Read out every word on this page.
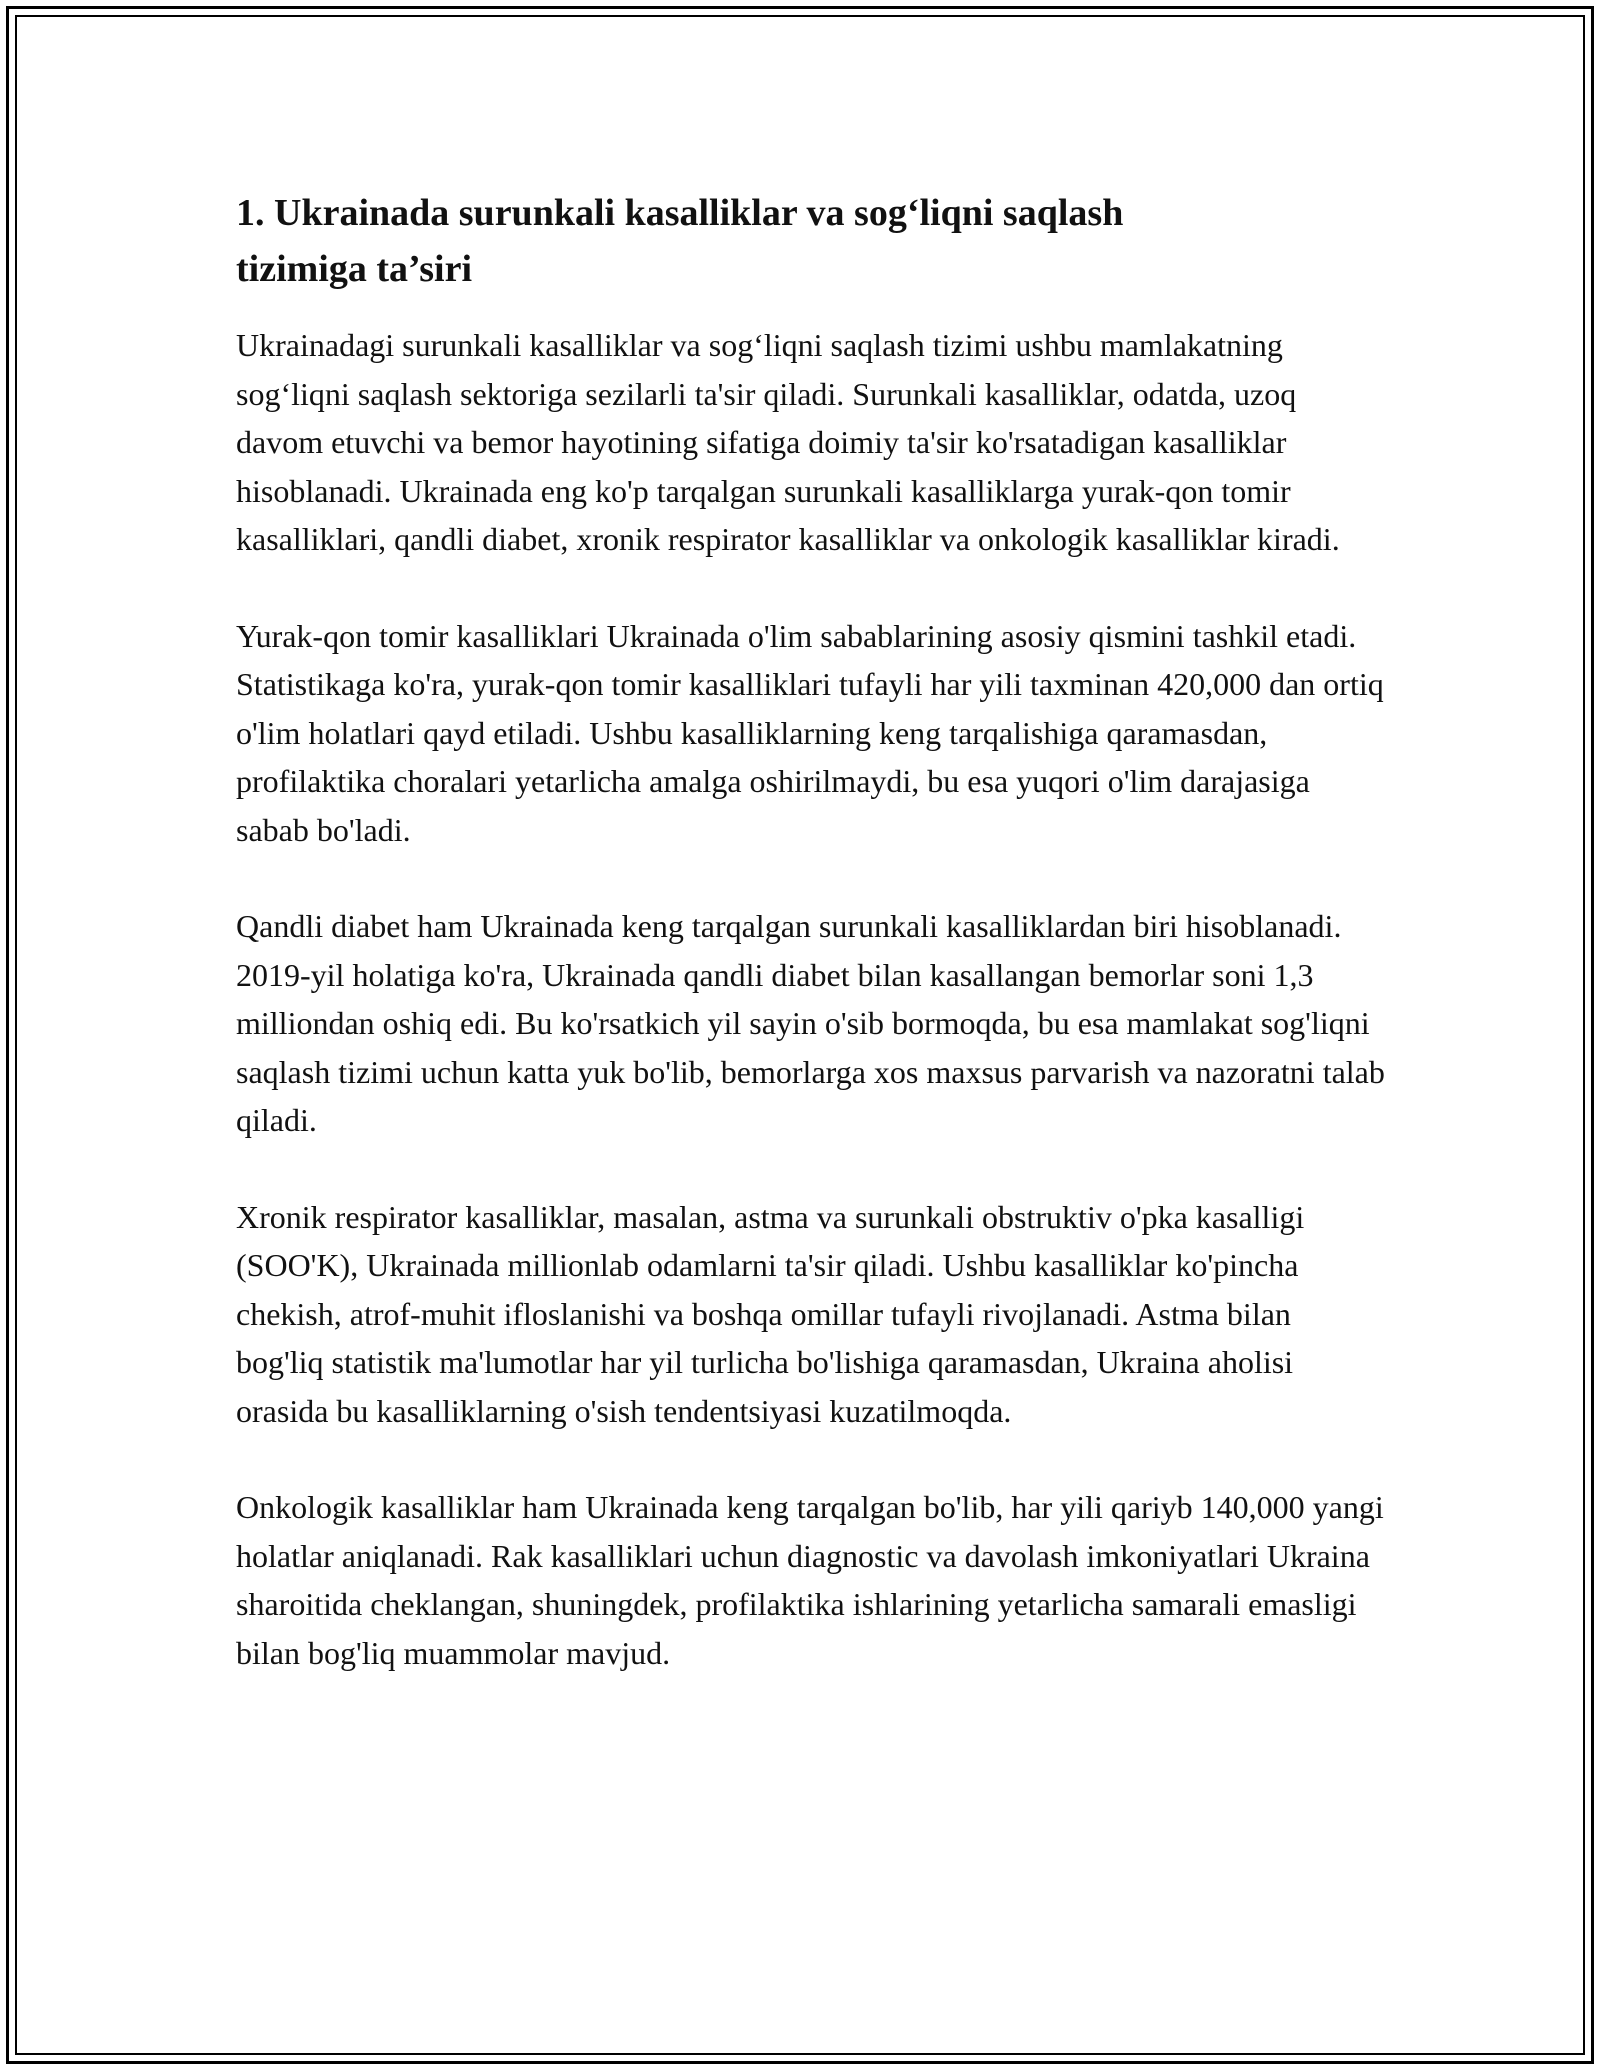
1. Ukrainada surunkali kasalliklar va sog‘liqni saqlash tizimiga ta’siri

Ukrainadagi surunkali kasalliklar va sog‘liqni saqlash tizimi ushbu mamlakatning sog‘liqni saqlash sektoriga sezilarli ta'sir qiladi. Surunkali kasalliklar, odatda, uzoq davom etuvchi va bemor hayotining sifatiga doimiy ta'sir ko'rsatadigan kasalliklar hisoblanadi. Ukrainada eng ko'p tarqalgan surunkali kasalliklarga yurak-qon tomir kasalliklari, qandli diabet, xronik respirator kasalliklar va onkologik kasalliklar kiradi.

Yurak-qon tomir kasalliklari Ukrainada o'lim sabablarining asosiy qismini tashkil etadi. Statistikaga ko'ra, yurak-qon tomir kasalliklari tufayli har yili taxminan 420,000 dan ortiq o'lim holatlari qayd etiladi. Ushbu kasalliklarning keng tarqalishiga qaramasdan, profilaktika choralari yetarlicha amalga oshirilmaydi, bu esa yuqori o'lim darajasiga sabab bo'ladi.

Qandli diabet ham Ukrainada keng tarqalgan surunkali kasalliklardan biri hisoblanadi. 2019-yil holatiga ko'ra, Ukrainada qandli diabet bilan kasallangan bemorlar soni 1,3 milliondan oshiq edi. Bu ko'rsatkich yil sayin o'sib bormoqda, bu esa mamlakat sog'liqni saqlash tizimi uchun katta yuk bo'lib, bemorlarga xos maxsus parvarish va nazoratni talab qiladi.

Xronik respirator kasalliklar, masalan, astma va surunkali obstruktiv o'pka kasalligi (SOO'K), Ukrainada millionlab odamlarni ta'sir qiladi. Ushbu kasalliklar ko'pincha chekish, atrof-muhit ifloslanishi va boshqa omillar tufayli rivojlanadi. Astma bilan bog'liq statistik ma'lumotlar har yil turlicha bo'lishiga qaramasdan, Ukraina aholisi orasida bu kasalliklarning o'sish tendentsiyasi kuzatilmoqda.

Onkologik kasalliklar ham Ukrainada keng tarqalgan bo'lib, har yili qariyb 140,000 yangi holatlar aniqlanadi. Rak kasalliklari uchun diagnostic va davolash imkoniyatlari Ukraina sharoitida cheklangan, shuningdek, profilaktika ishlarining yetarlicha samarali emasligi bilan bog'liq muammolar mavjud.
